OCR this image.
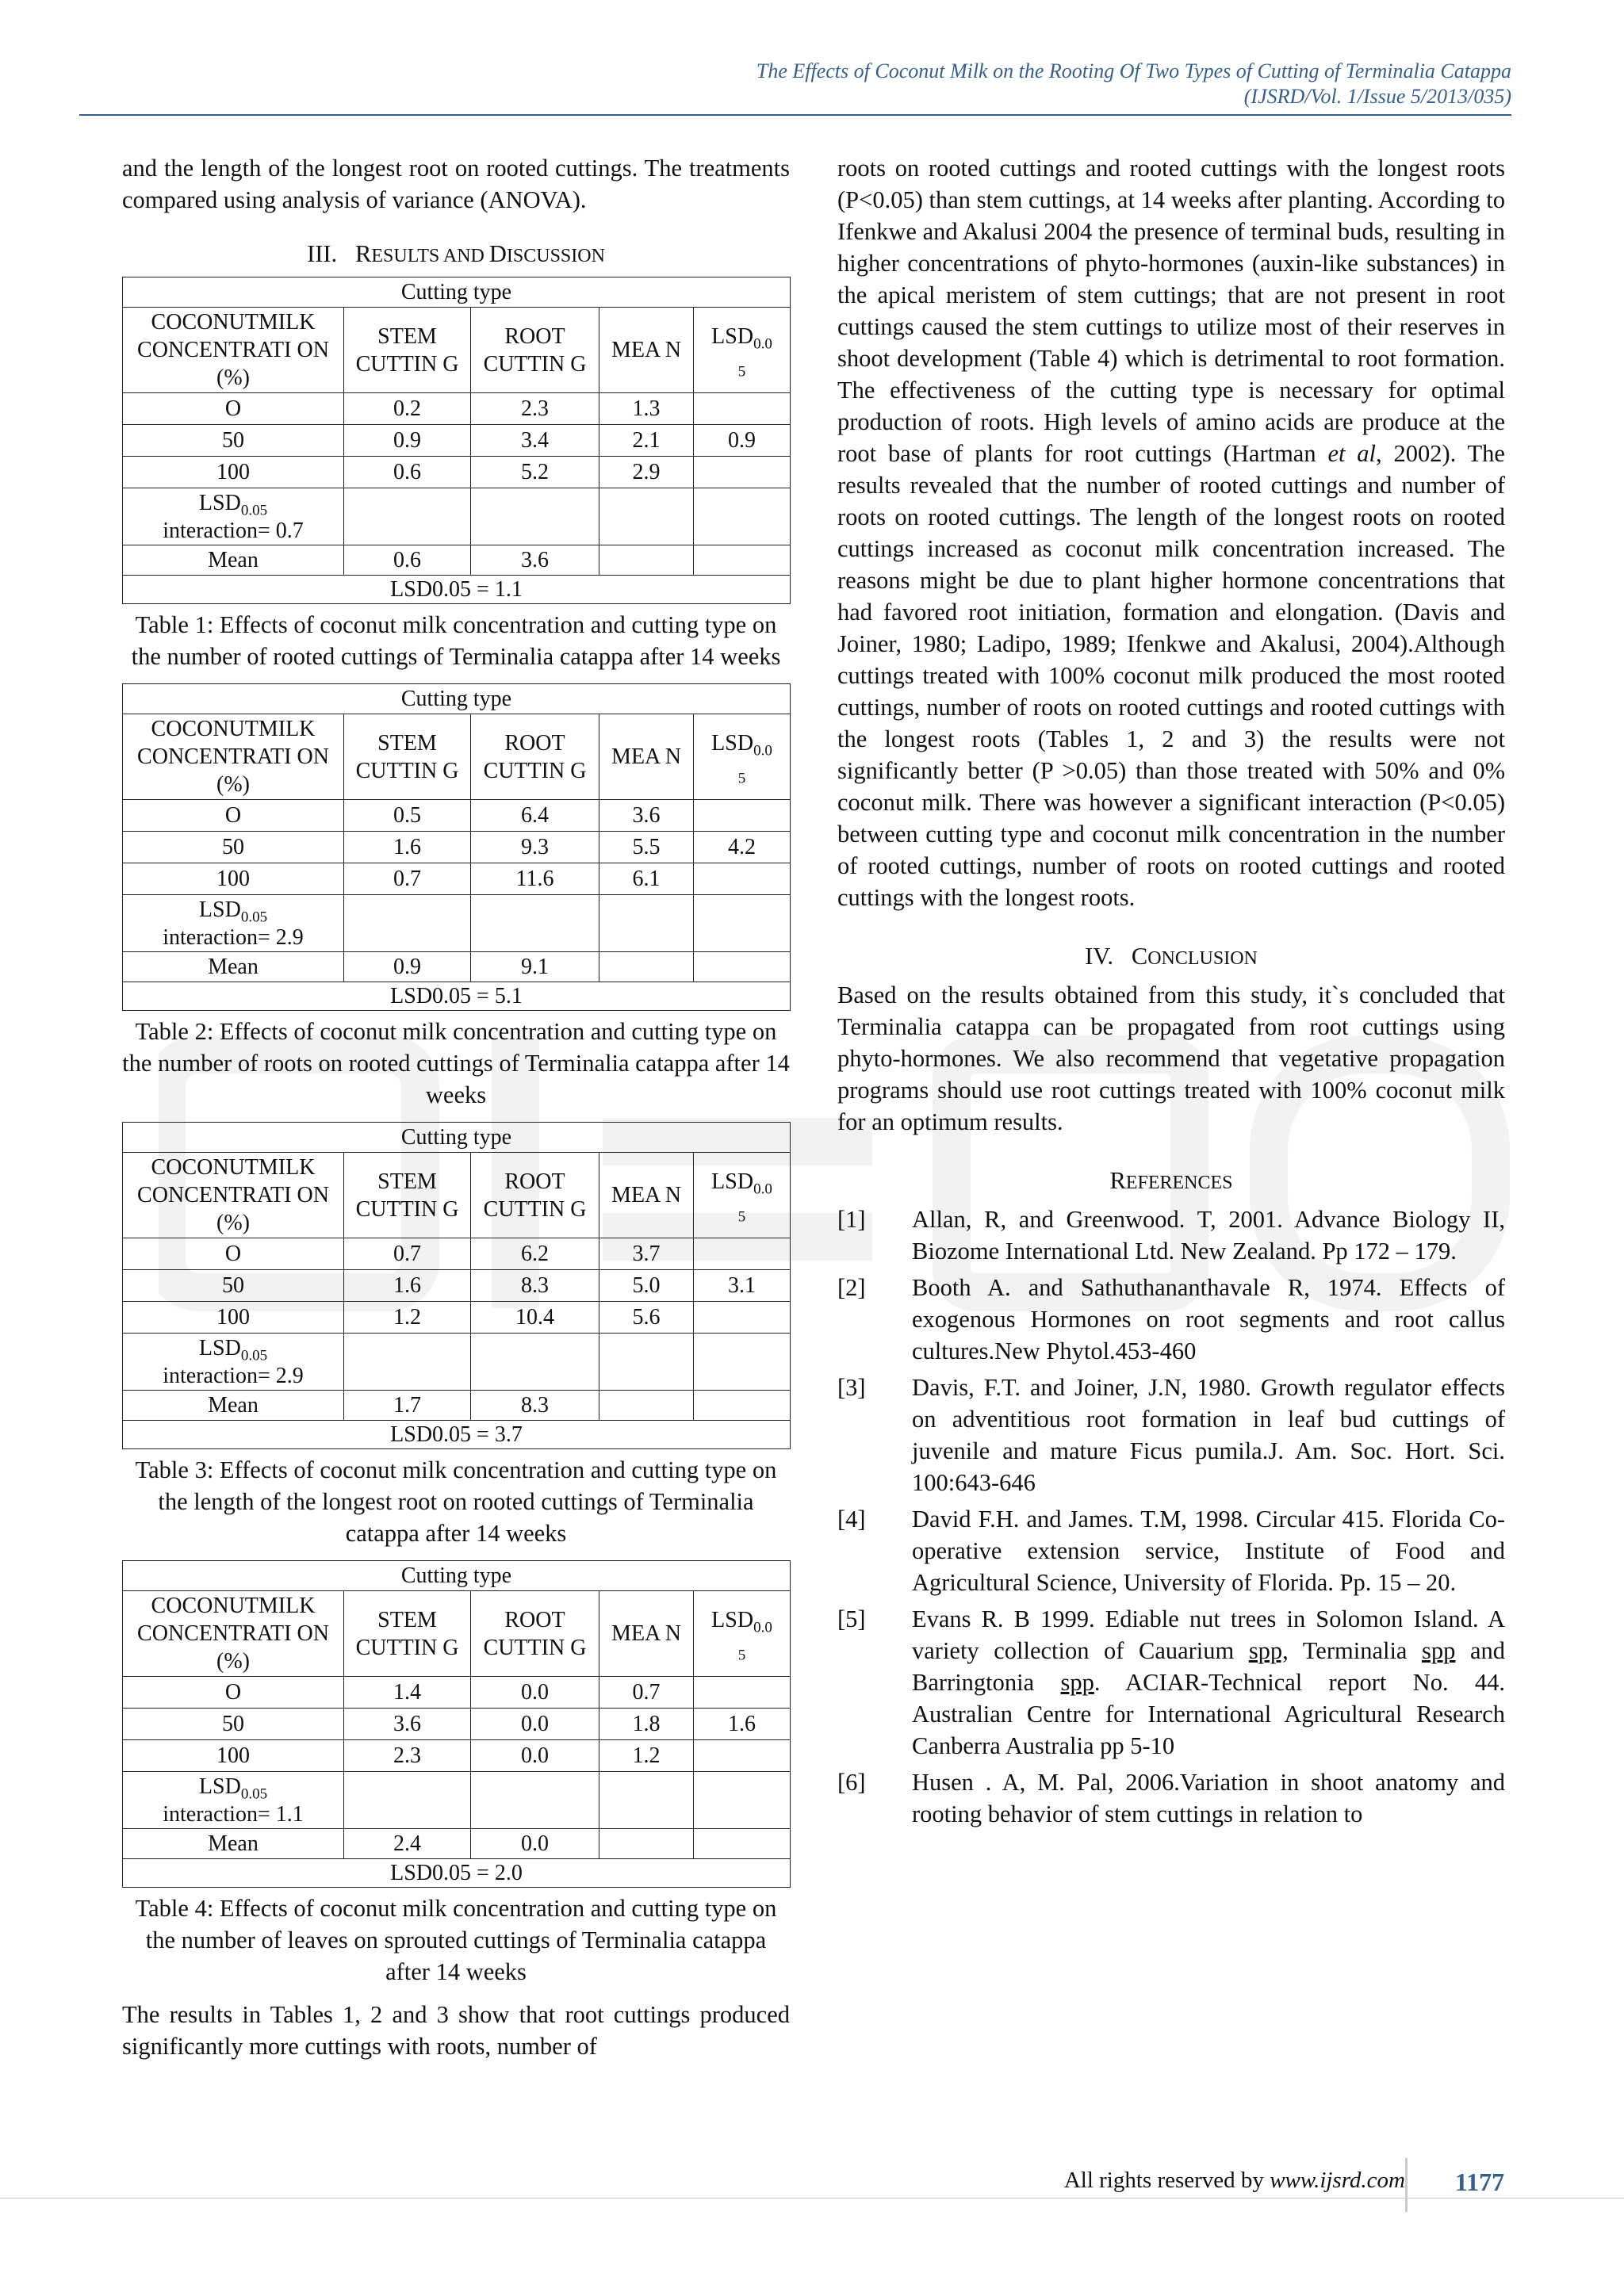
The Effects of Coconut Milk on the Rooting Of Two Types of Cutting of Terminalia Catappa
(IJSRD/Vol. 1/Issue 5/2013/035)

and the length of the longest root on rooted cuttings. The treatments compared using analysis of variance (ANOVA).

III. RESULTS AND DISCUSSION
Cutting type				
COCONUTMILK CONCENTRATI ON (%)	STEM CUTTIN G	ROOT CUTTIN G	MEA N	$LSD_{0.0}$
$_5$
O	0.2	2.3	1.3	
50	0.9	3.4	2.1	0.9
100	0.6	5.2	2.9	
$LSD_{0.05}$
interaction= 0.7				
Mean	0.6	3.6		
LSD0.05 = 1.1				

Table 1: Effects of coconut milk concentration and cutting type on the number of rooted cuttings of Terminalia catappa after 14 weeks

Cutting type				
COCONUTMILK CONCENTRATI ON (%)	STEM CUTTIN G	ROOT CUTTIN G	MEA N	$LSD_{0.0}$
$_5$
O	0.5	6.4	3.6	
50	1.6	9.3	5.5	4.2
100	0.7	11.6	6.1	
$LSD_{0.05}$
interaction= 2.9				
Mean	0.9	9.1		
LSD0.05 = 5.1				

Table 2: Effects of coconut milk concentration and cutting type on the number of roots on rooted cuttings of Terminalia catappa after 14 weeks

Cutting type				
COCONUTMILK CONCENTRATI ON (%)	STEM CUTTIN G	ROOT CUTTIN G	MEA N	$LSD_{0.0}$
$_5$
O	0.7	6.2	3.7	
50	1.6	8.3	5.0	3.1
100	1.2	10.4	5.6	
$LSD_{0.05}$
interaction= 2.9				
Mean	1.7	8.3		
LSD0.05 = 3.7				

Table 3: Effects of coconut milk concentration and cutting type on the length of the longest root on rooted cuttings of Terminalia catappa after 14 weeks

Cutting type				
COCONUTMILK CONCENTRATI ON (%)	STEM CUTTIN G	ROOT CUTTIN G	MEA N	$LSD_{0.0}$
$_5$
O	1.4	0.0	0.7	
50	3.6	0.0	1.8	1.6
100	2.3	0.0	1.2	
$LSD_{0.05}$
interaction= 1.1				
Mean	2.4	0.0		
LSD0.05 = 2.0				

Table 4: Effects of coconut milk concentration and cutting type on the number of leaves on sprouted cuttings of Terminalia catappa after 14 weeks

The results in Tables 1, 2 and 3 show that root cuttings produced significantly more cuttings with roots, number of

roots on rooted cuttings and rooted cuttings with the longest roots (P<0.05) than stem cuttings, at 14 weeks after planting. According to Ifenkwe and Akalusi 2004 the presence of terminal buds, resulting in higher concentrations of phyto-hormones (auxin-like substances) in the apical meristem of stem cuttings; that are not present in root cuttings caused the stem cuttings to utilize most of their reserves in shoot development (Table 4) which is detrimental to root formation. The effectiveness of the cutting type is necessary for optimal production of roots. High levels of amino acids are produce at the root base of plants for root cuttings (Hartman et al, 2002). The results revealed that the number of rooted cuttings and number of roots on rooted cuttings. The length of the longest roots on rooted cuttings increased as coconut milk concentration increased. The reasons might be due to plant higher hormone concentrations that had favored root initiation, formation and elongation. (Davis and Joiner, 1980; Ladipo, 1989; Ifenkwe and Akalusi, 2004).Although cuttings treated with 100% coconut milk produced the most rooted cuttings, number of roots on rooted cuttings and rooted cuttings with the longest roots (Tables 1, 2 and 3) the results were not significantly better (P >0.05) than those treated with 50% and 0% coconut milk. There was however a significant interaction (P<0.05) between cutting type and coconut milk concentration in the number of rooted cuttings, number of roots on rooted cuttings and rooted cuttings with the longest roots.

IV. CONCLUSION

Based on the results obtained from this study, it`s concluded that Terminalia catappa can be propagated from root cuttings using phyto-hormones. We also recommend that vegetative propagation programs should use root cuttings treated with 100% coconut milk for an optimum results.

REFERENCES
[1]	Allan, R, and Greenwood. T, 2001. Advance Biology II, Biozome International Ltd. New Zealand. Pp 172 – 179.
[2]	Booth A. and Sathuthananthavale R, 1974. Effects of exogenous Hormones on root segments and root callus cultures.New Phytol.453-460
[3]	Davis, F.T. and Joiner, J.N, 1980. Growth regulator effects on adventitious root formation in leaf bud cuttings of juvenile and mature Ficus pumila.J. Am. Soc. Hort. Sci. 100:643-646
[4]	David F.H. and James. T.M, 1998. Circular 415. Florida Co-operative extension service, Institute of Food and Agricultural Science, University of Florida. Pp. 15 – 20.
[5]	Evans R. B 1999. Ediable nut trees in Solomon Island. A variety collection of Cauarium spp, Terminalia spp and Barringtonia spp. ACIAR-Technical report No. 44. Australian Centre for International Agricultural Research Canberra Australia pp 5-10
[6]	Husen . A, M. Pal, 2006.Variation in shoot anatomy and rooting behavior of stem cuttings in relation to
All rights reserved by www.ijsrd.com	1177
